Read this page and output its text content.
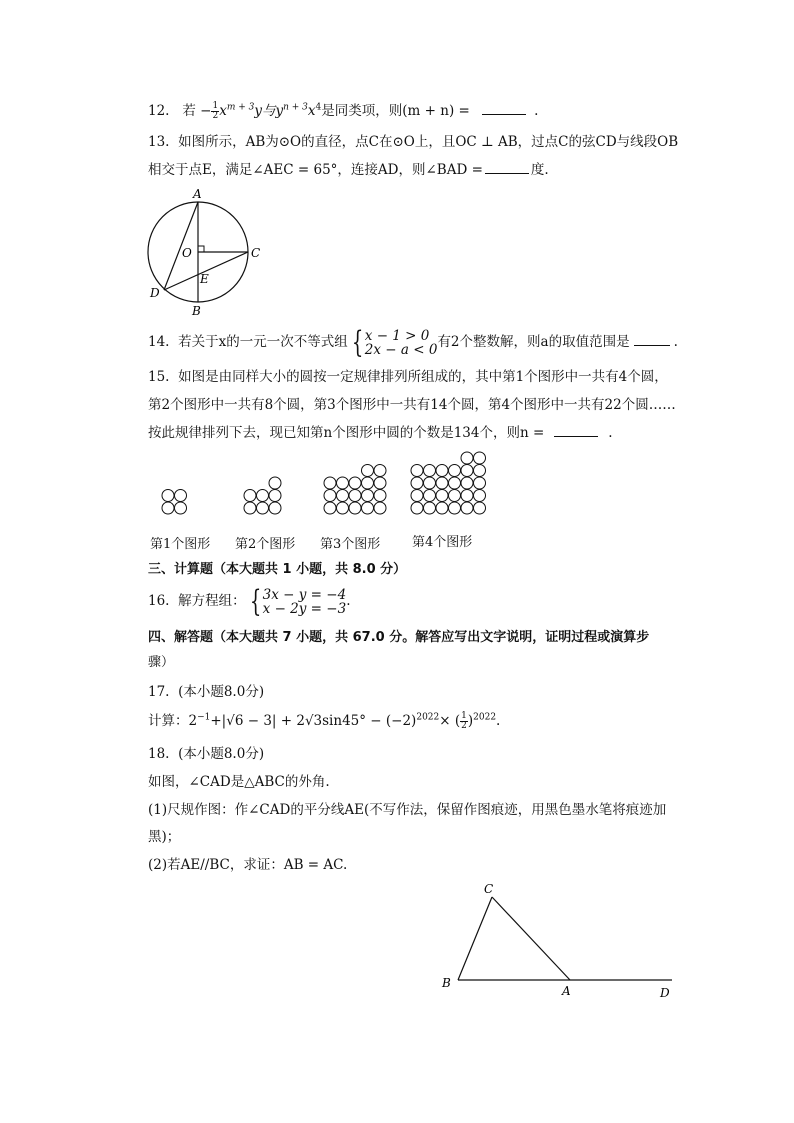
12. 若 − $\frac{1}{2} x^{m + 3}y$与$y^{n + 3}x^4$是同类项，则(m + n) =	.
13. 如图所示，AB为⊙O的直径，点C在⊙O上，且OC ⊥ AB，过点C的弦CD与线段OB
相交于点E，满足∠AEC = 65°，连接AD，则∠BAD =	度.
A
O	C
E
D
B
14. 若关于x的一元一次不等式组 { x − 1 > 0
2x − a < 0 有2个整数解，则a的取值范围是	.
15. 如图是由同样大小的圆按一定规律排列所组成的，其中第1个图形中一共有4个圆，
第2个图形中一共有8个圆，第3个图形中一共有14个圆，第4个图形中一共有22个圆……
按此规律排列下去，现已知第n个图形中圆的个数是134个，则n =	.
第1个图形 第2个图形 第3个图形 第4个图形
三、计算题（本大题共 1 小题，共 8.0 分）
16. 解方程组： { 3x − y = −4
x − 2y = −3 .
四、解答题（本大题共 7 小题，共 67.0 分。解答应写出文字说明，证明过程或演算步
骤）
17. (本小题8.0分)
计算：$2^{-1}+|√6 - 3| + 2√3\sin 45^\circ - (-2)^{2022}\times$ ( $\frac{1}{2} )^{2022}$.
18. (本小题8.0分)
如图，∠CAD是△ABC的外角.
(1)尺规作图：作∠CAD的平分线AE(不写作法，保留作图痕迹，用黑色墨水笔将痕迹加
黑)；
(2)若AE//BC，求证：AB = AC.
C
B
A	D
